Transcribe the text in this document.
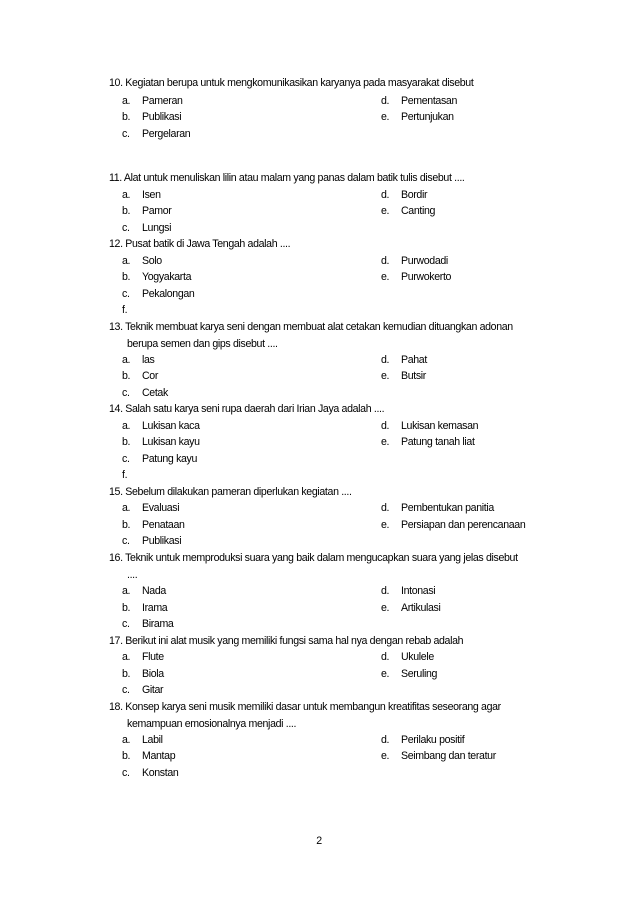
10. Kegiatan berupa untuk mengkomunikasikan karyanya pada masyarakat disebut
a. Pameran	d. Pementasan
b. Publikasi	e. Pertunjukan
c. Pergelaran
11. Alat untuk menuliskan lilin atau malam yang panas dalam batik tulis disebut ....
a. Isen	d. Bordir
b. Pamor	e. Canting
c. Lungsi
12. Pusat batik di Jawa Tengah adalah ....
a. Solo	d. Purwodadi
b. Yogyakarta	e. Purwokerto
c. Pekalongan
f.
13. Teknik membuat karya seni dengan membuat alat cetakan kemudian dituangkan adonan
berupa semen dan gips disebut ....
a. las	d. Pahat
b. Cor	e. Butsir
c. Cetak
14. Salah satu karya seni rupa daerah dari Irian Jaya adalah ....
a. Lukisan kaca	d. Lukisan kemasan
b. Lukisan kayu	e. Patung tanah liat
c. Patung kayu
f.
15. Sebelum dilakukan pameran diperlukan kegiatan ....
a. Evaluasi	d. Pembentukan panitia
b. Penataan	e. Persiapan dan perencanaan
c. Publikasi
16. Teknik untuk memproduksi suara yang baik dalam mengucapkan suara yang jelas disebut
....
a. Nada	d. Intonasi
b. Irama	e. Artikulasi
c. Birama
17. Berikut ini alat musik yang memiliki fungsi sama hal nya dengan rebab adalah
a. Flute	d. Ukulele
b. Biola	e. Seruling
c. Gitar
18. Konsep karya seni musik memiliki dasar untuk membangun kreatifitas seseorang agar
kemampuan emosionalnya menjadi ....
a. Labil	d. Perilaku positif
b. Mantap	e. Seimbang dan teratur
c. Konstan
2
